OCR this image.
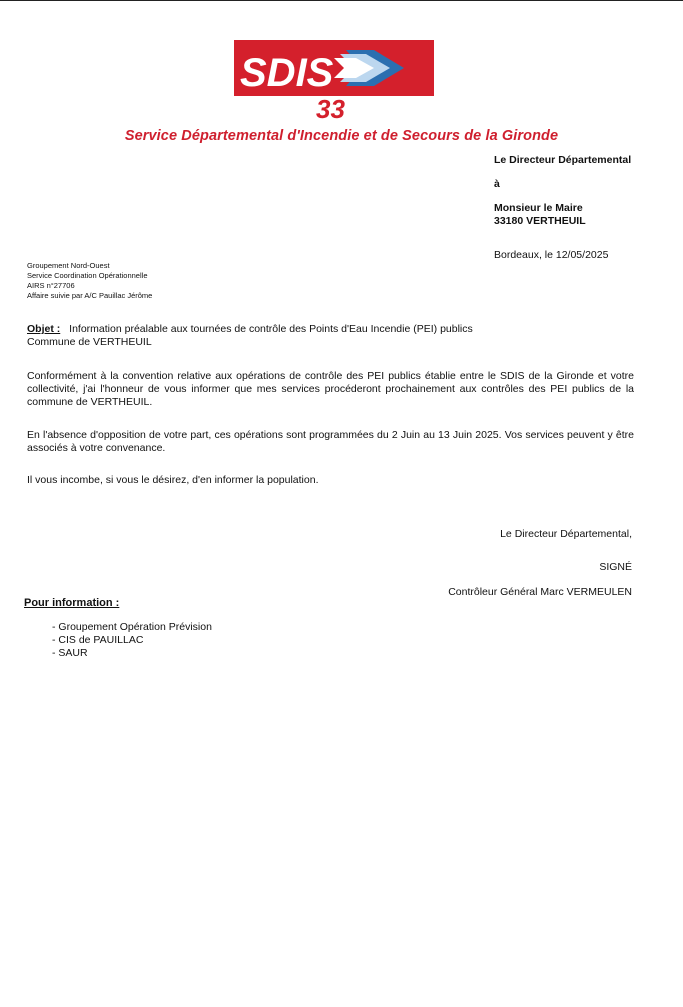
SDIS
33
Service Départemental d'Incendie et de Secours de la Gironde
Le Directeur Départemental
à
Monsieur le Maire
33180 VERTHEUIL
Bordeaux, le 12/05/2025
Groupement Nord-Ouest
Service Coordination Opérationnelle
AIRS n°27706
Affaire suivie par A/C Pauillac Jérôme
Objet : Information préalable aux tournées de contrôle des Points d'Eau Incendie (PEI) publics
Commune de VERTHEUIL
Conformément à la convention relative aux opérations de contrôle des PEI publics établie entre le SDIS de la Gironde et votre collectivité, j'ai l'honneur de vous informer que mes services procéderont prochainement aux contrôles des PEI publics de la commune de VERTHEUIL.
En l'absence d'opposition de votre part, ces opérations sont programmées du 2 Juin au 13 Juin 2025. Vos services peuvent y être associés à votre convenance.
Il vous incombe, si vous le désirez, d'en informer la population.
Le Directeur Départemental,
SIGNÉ
Contrôleur Général Marc VERMEULEN
Pour information :
- Groupement Opération Prévision
- CIS de PAUILLAC
- SAUR
